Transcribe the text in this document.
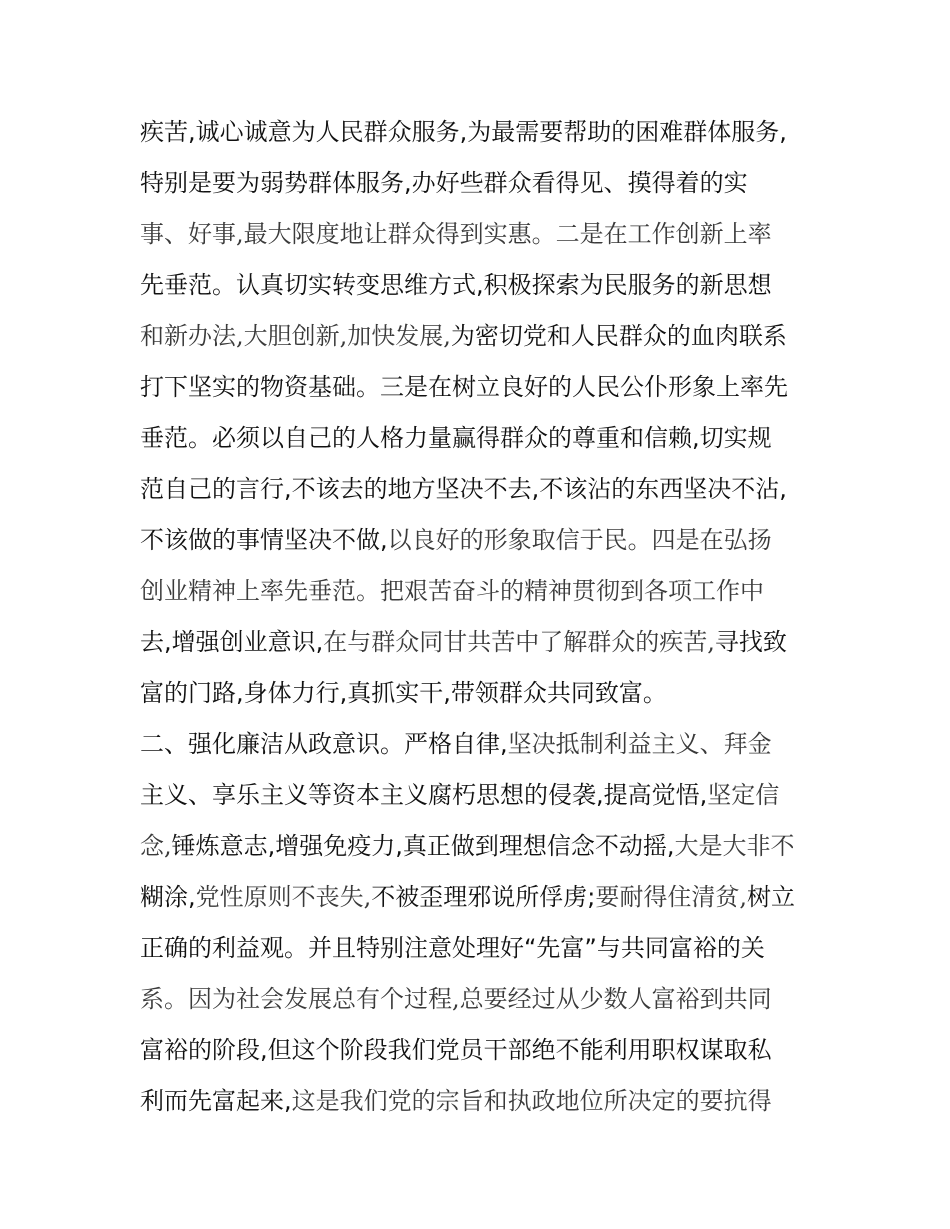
疾苦,诚心诚意为人民群众服务,为最需要帮助的困难群体服务,
特别是要为弱势群体服务,办好些群众看得见、摸得着的实
事、好事,最大限度地让群众得到实惠。二是在工作创新上率
先垂范。认真切实转变思维方式,积极探索为民服务的新思想
和新办法,大胆创新,加快发展,为密切党和人民群众的血肉联系
打下坚实的物资基础。三是在树立良好的人民公仆形象上率先
垂范。必须以自己的人格力量赢得群众的尊重和信赖,切实规
范自己的言行,不该去的地方坚决不去,不该沾的东西坚决不沾,
不该做的事情坚决不做,以良好的形象取信于民。四是在弘扬
创业精神上率先垂范。把艰苦奋斗的精神贯彻到各项工作中
去,增强创业意识,在与群众同甘共苦中了解群众的疾苦,寻找致
富的门路,身体力行,真抓实干,带领群众共同致富。
二、强化廉洁从政意识。严格自律,坚决抵制利益主义、拜金
主义、享乐主义等资本主义腐朽思想的侵袭,提高觉悟,坚定信
念,锤炼意志,增强免疫力,真正做到理想信念不动摇,大是大非不
糊涂,党性原则不丧失,不被歪理邪说所俘虏;要耐得住清贫,树立
正确的利益观。并且特别注意处理好“先富”与共同富裕的关
系。因为社会发展总有个过程,总要经过从少数人富裕到共同
富裕的阶段,但这个阶段我们党员干部绝不能利用职权谋取私
利而先富起来,这是我们党的宗旨和执政地位所决定的要抗得
